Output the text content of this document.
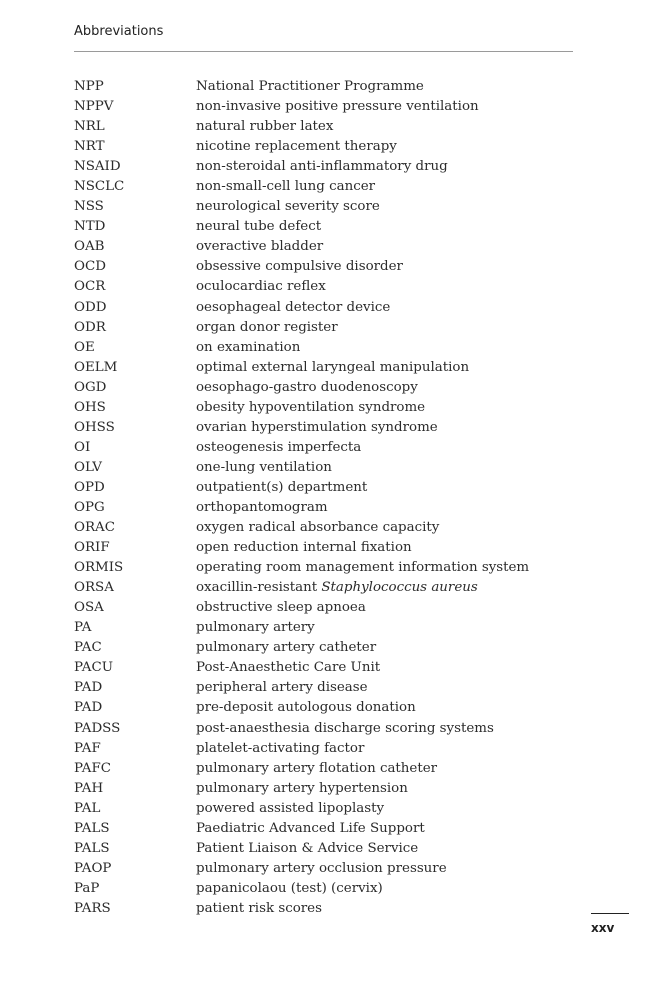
Abbreviations
NPP	National Practitioner Programme
NPPV	non-invasive positive pressure ventilation
NRL	natural rubber latex
NRT	nicotine replacement therapy
NSAID	non-steroidal anti-inflammatory drug
NSCLC	non-small-cell lung cancer
NSS	neurological severity score
NTD	neural tube defect
OAB	overactive bladder
OCD	obsessive compulsive disorder
OCR	oculocardiac reflex
ODD	oesophageal detector device
ODR	organ donor register
OE	on examination
OELM	optimal external laryngeal manipulation
OGD	oesophago-gastro duodenoscopy
OHS	obesity hypoventilation syndrome
OHSS	ovarian hyperstimulation syndrome
OI	osteogenesis imperfecta
OLV	one-lung ventilation
OPD	outpatient(s) department
OPG	orthopantomogram
ORAC	oxygen radical absorbance capacity
ORIF	open reduction internal fixation
ORMIS	operating room management information system
ORSA	oxacillin-resistant Staphylococcus aureus
OSA	obstructive sleep apnoea
PA	pulmonary artery
PAC	pulmonary artery catheter
PACU	Post-Anaesthetic Care Unit
PAD	peripheral artery disease
PAD	pre-deposit autologous donation
PADSS	post-anaesthesia discharge scoring systems
PAF	platelet-activating factor
PAFC	pulmonary artery flotation catheter
PAH	pulmonary artery hypertension
PAL	powered assisted lipoplasty
PALS	Paediatric Advanced Life Support
PALS	Patient Liaison & Advice Service
PAOP	pulmonary artery occlusion pressure
PaP	papanicolaou (test) (cervix)
PARS	patient risk scores
xxv
